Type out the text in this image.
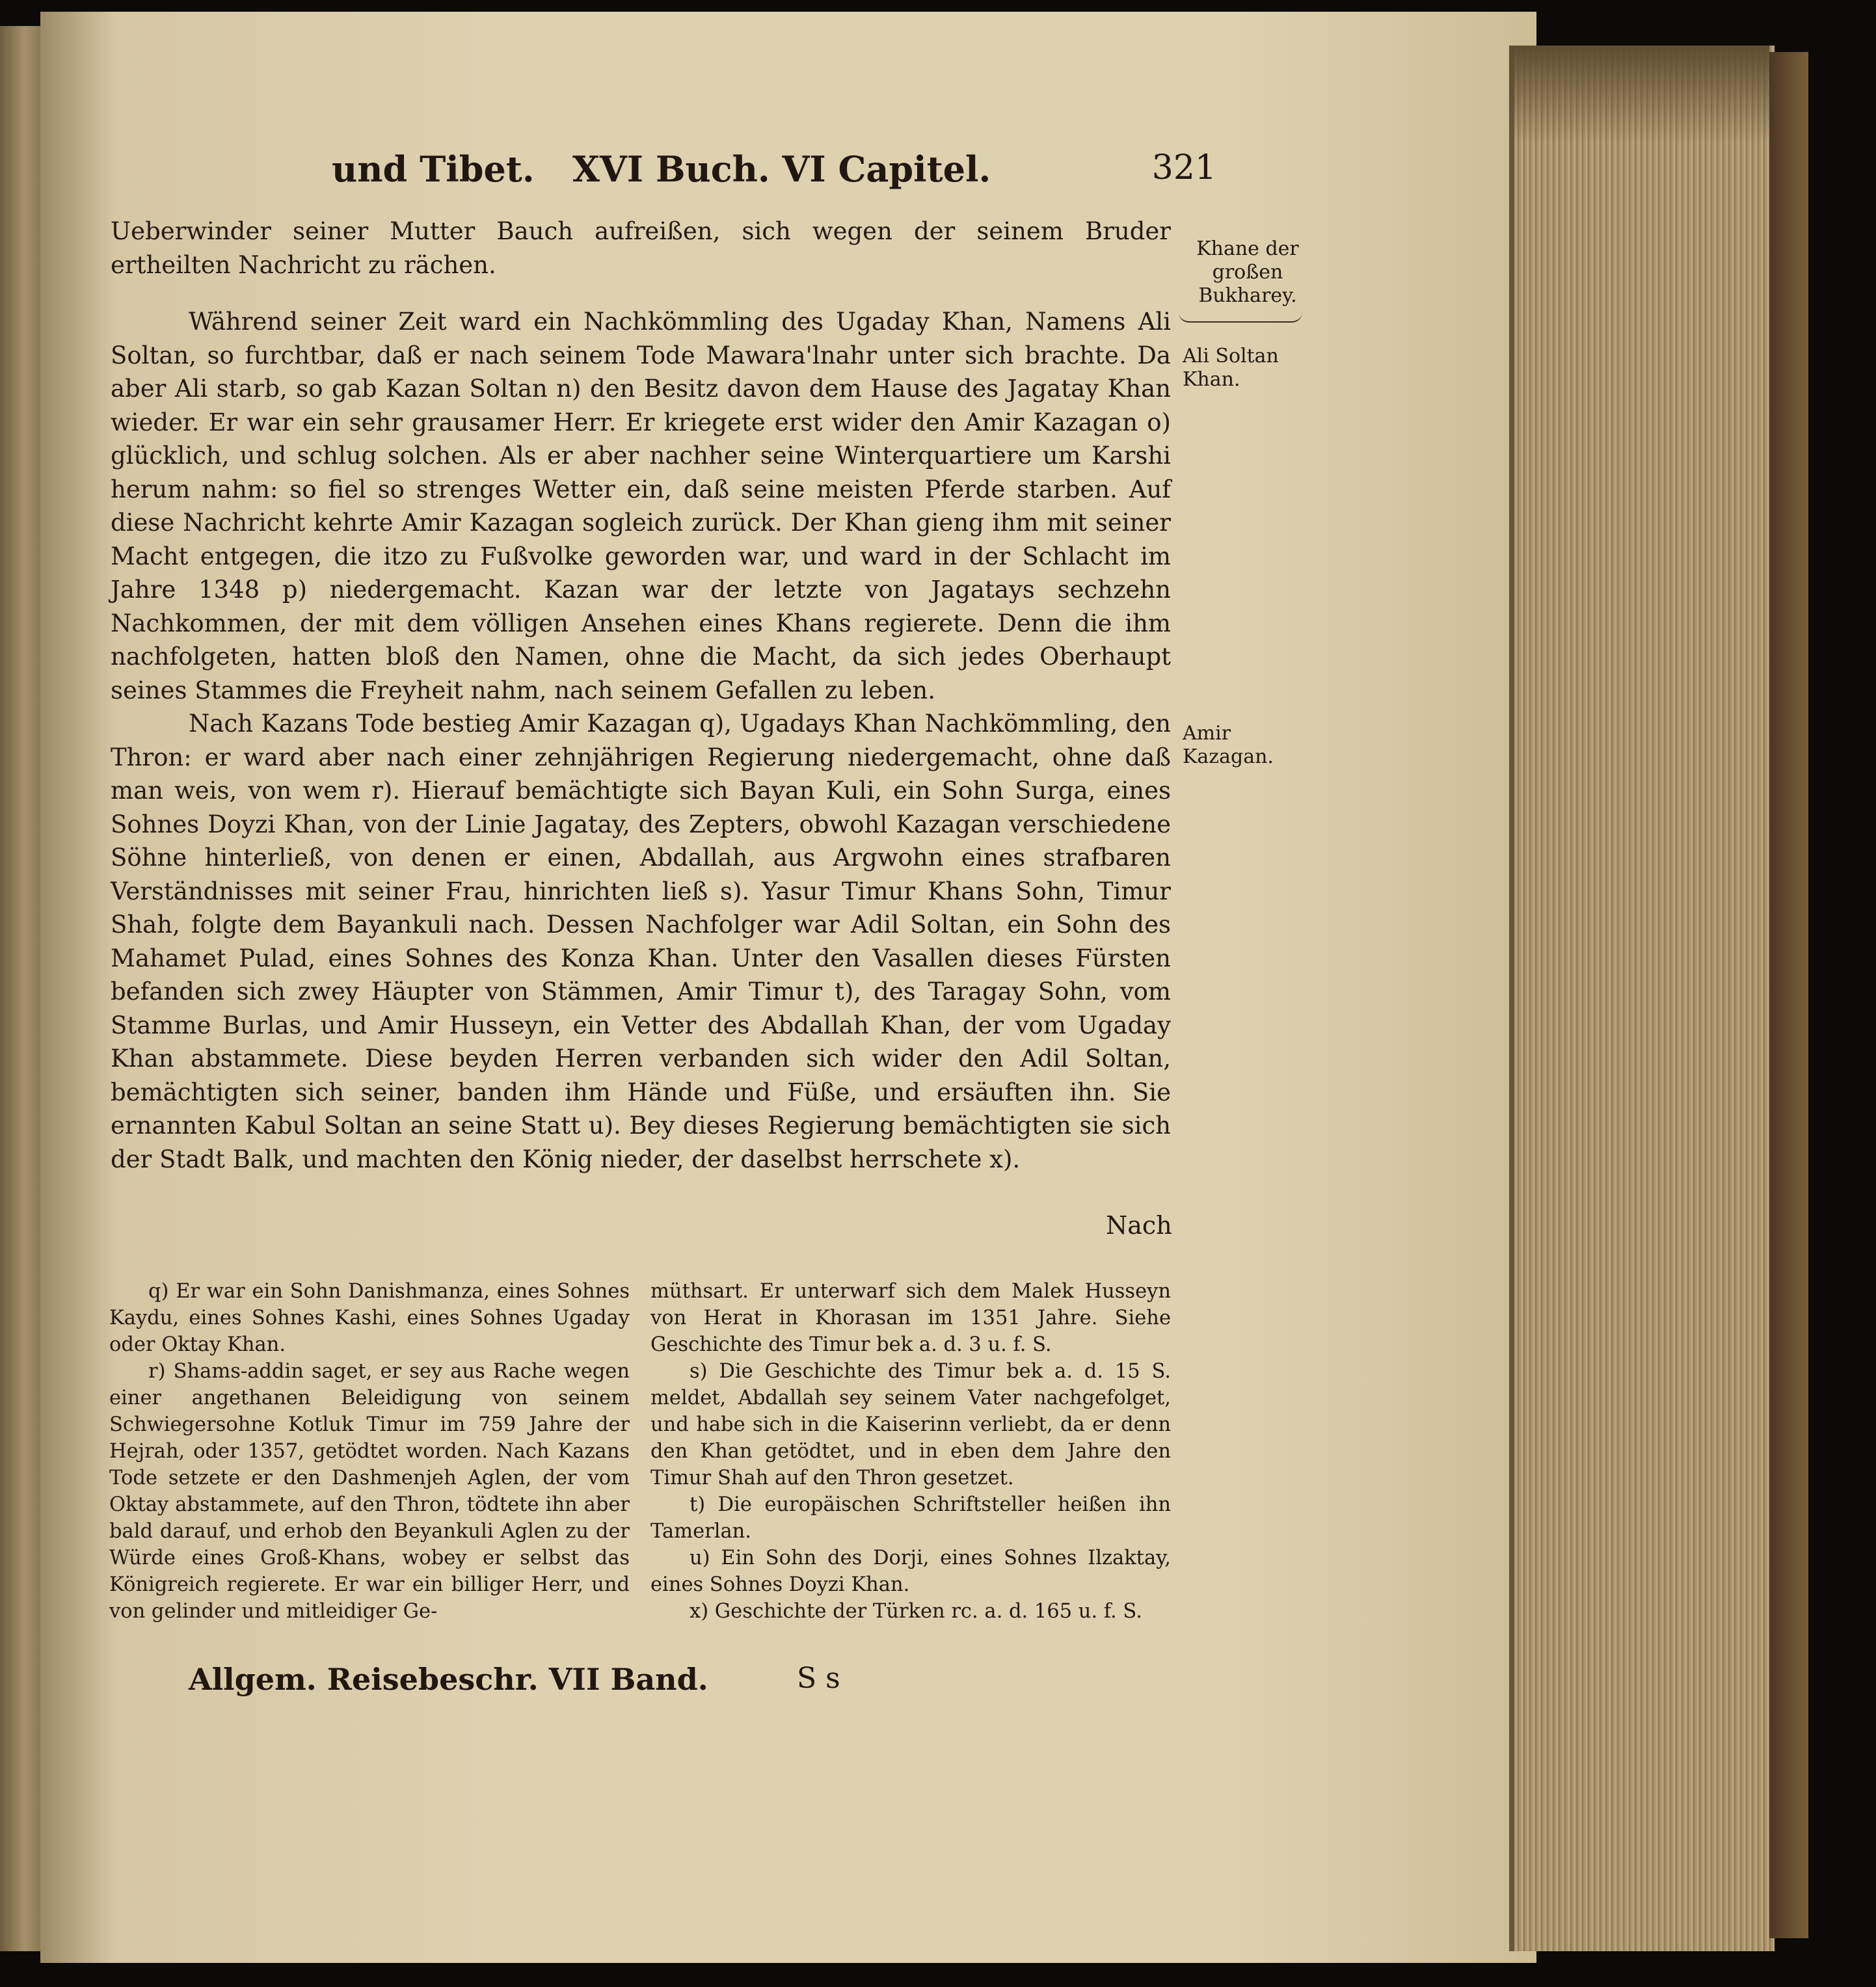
und Tibet. XVI Buch. VI Capitel.	321

Ueberwinder seiner Mutter Bauch aufreißen, sich wegen der seinem Bruder ertheilten Nachricht zu rächen.

Während seiner Zeit ward ein Nachkömmling des Ugaday Khan, Namens Ali Soltan, so furchtbar, daß er nach seinem Tode Mawara'lnahr unter sich brachte. Da aber Ali starb, so gab Kazan Soltan n) den Besitz davon dem Hause des Jagatay Khan wieder. Er war ein sehr grausamer Herr. Er kriegete erst wider den Amir Kazagan o) glücklich, und schlug solchen. Als er aber nachher seine Winterquartiere um Karshi herum nahm: so fiel so strenges Wetter ein, daß seine meisten Pferde starben. Auf diese Nachricht kehrte Amir Kazagan sogleich zurück. Der Khan gieng ihm mit seiner Macht entgegen, die itzo zu Fußvolke geworden war, und ward in der Schlacht im Jahre 1348 p) niedergemacht. Kazan war der letzte von Jagatays sechzehn Nachkommen, der mit dem völligen Ansehen eines Khans regierete. Denn die ihm nachfolgeten, hatten bloß den Namen, ohne die Macht, da sich jedes Oberhaupt seines Stammes die Freyheit nahm, nach seinem Gefallen zu leben.

Nach Kazans Tode bestieg Amir Kazagan q), Ugadays Khan Nachkömmling, den Thron: er ward aber nach einer zehnjährigen Regierung niedergemacht, ohne daß man weis, von wem r). Hierauf bemächtigte sich Bayan Kuli, ein Sohn Surga, eines Sohnes Doyzi Khan, von der Linie Jagatay, des Zepters, obwohl Kazagan verschiedene Söhne hinterließ, von denen er einen, Abdallah, aus Argwohn eines strafbaren Verständnisses mit seiner Frau, hinrichten ließ s). Yasur Timur Khans Sohn, Timur Shah, folgte dem Bayankuli nach. Dessen Nachfolger war Adil Soltan, ein Sohn des Mahamet Pulad, eines Sohnes des Konza Khan. Unter den Vasallen dieses Fürsten befanden sich zwey Häupter von Stämmen, Amir Timur t), des Taragay Sohn, vom Stamme Burlas, und Amir Husseyn, ein Vetter des Abdallah Khan, der vom Ugaday Khan abstammete. Diese beyden Herren verbanden sich wider den Adil Soltan, bemächtigten sich seiner, banden ihm Hände und Füße, und ersäuften ihn. Sie ernannten Kabul Soltan an seine Statt u). Bey dieses Regierung bemächtigten sie sich der Stadt Balk, und machten den König nieder, der daselbst herrschete x).

Nach
Khane der großen Bukharey.
Ali Soltan Khan.
Amir Kazagan.

q) Er war ein Sohn Danishmanza, eines Sohnes Kaydu, eines Sohnes Kashi, eines Sohnes Ugaday oder Oktay Khan.

r) Shams-addin saget, er sey aus Rache wegen einer angethanen Beleidigung von seinem Schwiegersohne Kotluk Timur im 759 Jahre der Hejrah, oder 1357, getödtet worden. Nach Kazans Tode setzete er den Dashmenjeh Aglen, der vom Oktay abstammete, auf den Thron, tödtete ihn aber bald darauf, und erhob den Beyankuli Aglen zu der Würde eines Groß-Khans, wobey er selbst das Königreich regierete. Er war ein billiger Herr, und von gelinder und mitleidiger Ge-

müthsart. Er unterwarf sich dem Malek Husseyn von Herat in Khorasan im 1351 Jahre. Siehe Geschichte des Timur bek a. d. 3 u. f. S.

s) Die Geschichte des Timur bek a. d. 15 S. meldet, Abdallah sey seinem Vater nachgefolget, und habe sich in die Kaiserinn verliebt, da er denn den Khan getödtet, und in eben dem Jahre den Timur Shah auf den Thron gesetzet.

t) Die europäischen Schriftsteller heißen ihn Tamerlan.

u) Ein Sohn des Dorji, eines Sohnes Ilzaktay, eines Sohnes Doyzi Khan.

x) Geschichte der Türken rc. a. d. 165 u. f. S.

Allgem. Reisebeschr. VII Band.	S s
